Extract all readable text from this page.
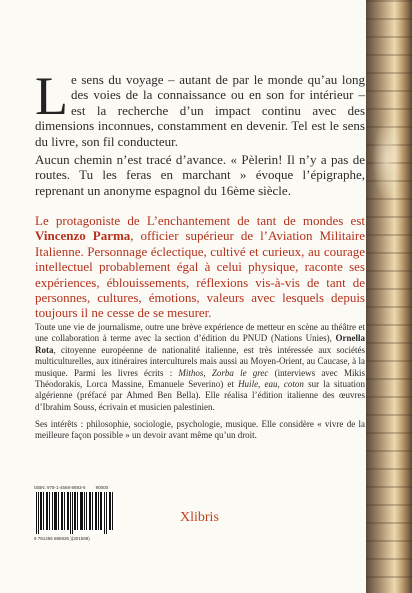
Le sens du voyage – autant de par le monde qu’au long des voies de la connaissance ou en son for intérieur – est la recherche d’un impact continu avec des dimensions inconnues, constamment en devenir. Tel est le sens du livre, son fil conducteur.

Aucun chemin n’est tracé d’avance. « Pèlerin! Il n’y a pas de routes. Tu les feras en marchant » évoque l’épigraphe, reprenant un anonyme espagnol du 16ème siècle.

Le protagoniste de L’enchantement de tant de mondes est Vincenzo Parma, officier supérieur de l’Aviation Militaire Italienne. Personnage éclectique, cultivé et curieux, au courage intellectuel probablement égal à celui physique, raconte ses expériences, éblouissements, réflexions vis-à-vis de tant de personnes, cultures, émotions, valeurs avec lesquels depuis toujours il ne cesse de se mesurer.

Toute une vie de journalisme, outre une brève expérience de metteur en scène au théâtre et une collaboration à terme avec la section d’édition du PNUD (Nations Unies), Ornella Rota, citoyenne européenne de nationalité italienne, est très intéressée aux sociétés multiculturelles, aux itinéraires interculturels mais aussi au Moyen-Orient, au Caucase, à la musique. Parmi les livres écrits : Mithos, Zorba le grec (interviews avec Mikis Théodorakis, Lorca Massine, Emanuele Severino) et Huile, eau, coton sur la situation algérienne (préfacé par Ahmed Ben Bella). Elle réalisa l’édition italienne des œuvres d’Ibrahim Souss, écrivain et musicien palestinien.

Ses intérêts : philosophie, sociologie, psychologie, musique. Elle considère « vivre de la meilleure façon possible » un devoir avant même qu’un droit.

ISBN: 978-1-4568-8693-6 90000
9 781456 886936 )(301598)
Xlibris
